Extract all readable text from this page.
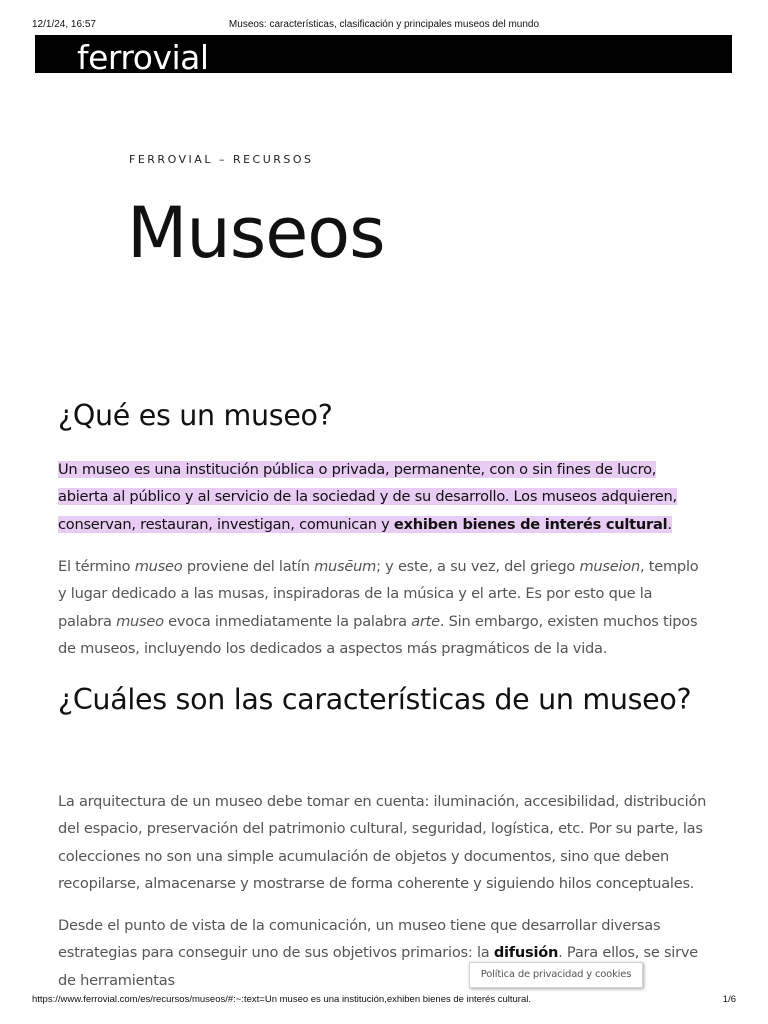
12/1/24, 16:57	Museos: características, clasificación y principales museos del mundo
ferrovial
FERROVIAL – RECURSOS
Museos
¿Qué es un museo?

Un museo es una institución pública o privada, permanente, con o sin fines de lucro, abierta al público y al servicio de la sociedad y de su desarrollo. Los museos adquieren, conservan, restauran, investigan, comunican y exhiben bienes de interés cultural.

El término museo proviene del latín musēum; y este, a su vez, del griego museion, templo y lugar dedicado a las musas, inspiradoras de la música y el arte. Es por esto que la palabra museo evoca inmediatamente la palabra arte. Sin embargo, existen muchos tipos de museos, incluyendo los dedicados a aspectos más pragmáticos de la vida.

¿Cuáles son las características de un museo?

La arquitectura de un museo debe tomar en cuenta: iluminación, accesibilidad, distribución del espacio, preservación del patrimonio cultural, seguridad, logística, etc. Por su parte, las colecciones no son una simple acumulación de objetos y documentos, sino que deben recopilarse, almacenarse y mostrarse de forma coherente y siguiendo hilos conceptuales.

Desde el punto de vista de la comunicación, un museo tiene que desarrollar diversas estrategias para conseguir uno de sus objetivos primarios: la difusión. Para ellos, se sirve de herramientas	Política de privacidad y cookies
https://www.ferrovial.com/es/recursos/museos/#:~:text=Un museo es una institución,exhiben bienes de interés cultural.	1/6
